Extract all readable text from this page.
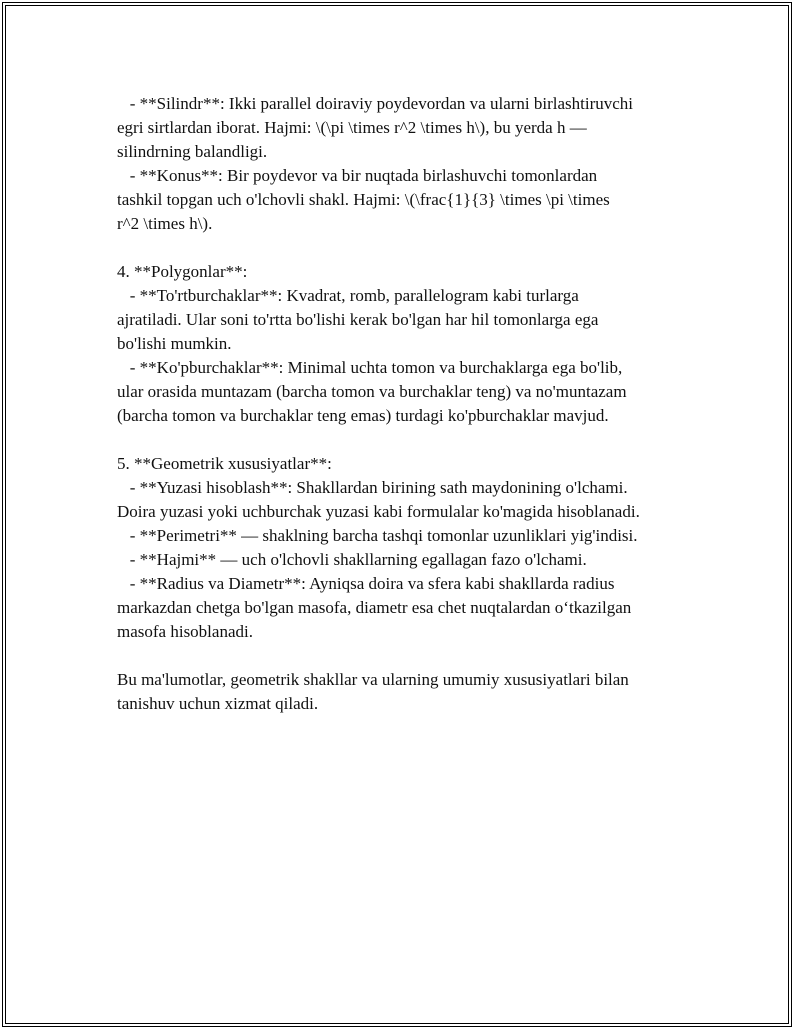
- **Silindr**: Ikki parallel doiraviy poydevordan va ularni birlashtiruvchi

egri sirtlardan iborat. Hajmi: \(\pi \times r^2 \times h\), bu yerda h —

silindrning balandligi.

- **Konus**: Bir poydevor va bir nuqtada birlashuvchi tomonlardan

tashkil topgan uch o'lchovli shakl. Hajmi: \(\frac{1}{3} \times \pi \times

r^2 \times h\).

4. **Polygonlar**:

- **To'rtburchaklar**: Kvadrat, romb, parallelogram kabi turlarga

ajratiladi. Ular soni to'rtta bo'lishi kerak bo'lgan har hil tomonlarga ega

bo'lishi mumkin.

- **Ko'pburchaklar**: Minimal uchta tomon va burchaklarga ega bo'lib,

ular orasida muntazam (barcha tomon va burchaklar teng) va no'muntazam

(barcha tomon va burchaklar teng emas) turdagi ko'pburchaklar mavjud.

5. **Geometrik xususiyatlar**:

- **Yuzasi hisoblash**: Shakllardan birining sath maydonining o'lchami.

Doira yuzasi yoki uchburchak yuzasi kabi formulalar ko'magida hisoblanadi.

- **Perimetri** — shaklning barcha tashqi tomonlar uzunliklari yig'indisi.

- **Hajmi** — uch o'lchovli shakllarning egallagan fazo o'lchami.

- **Radius va Diametr**: Ayniqsa doira va sfera kabi shakllarda radius

markazdan chetga bo'lgan masofa, diametr esa chet nuqtalardan o‘tkazilgan

masofa hisoblanadi.

Bu ma'lumotlar, geometrik shakllar va ularning umumiy xususiyatlari bilan

tanishuv uchun xizmat qiladi.
